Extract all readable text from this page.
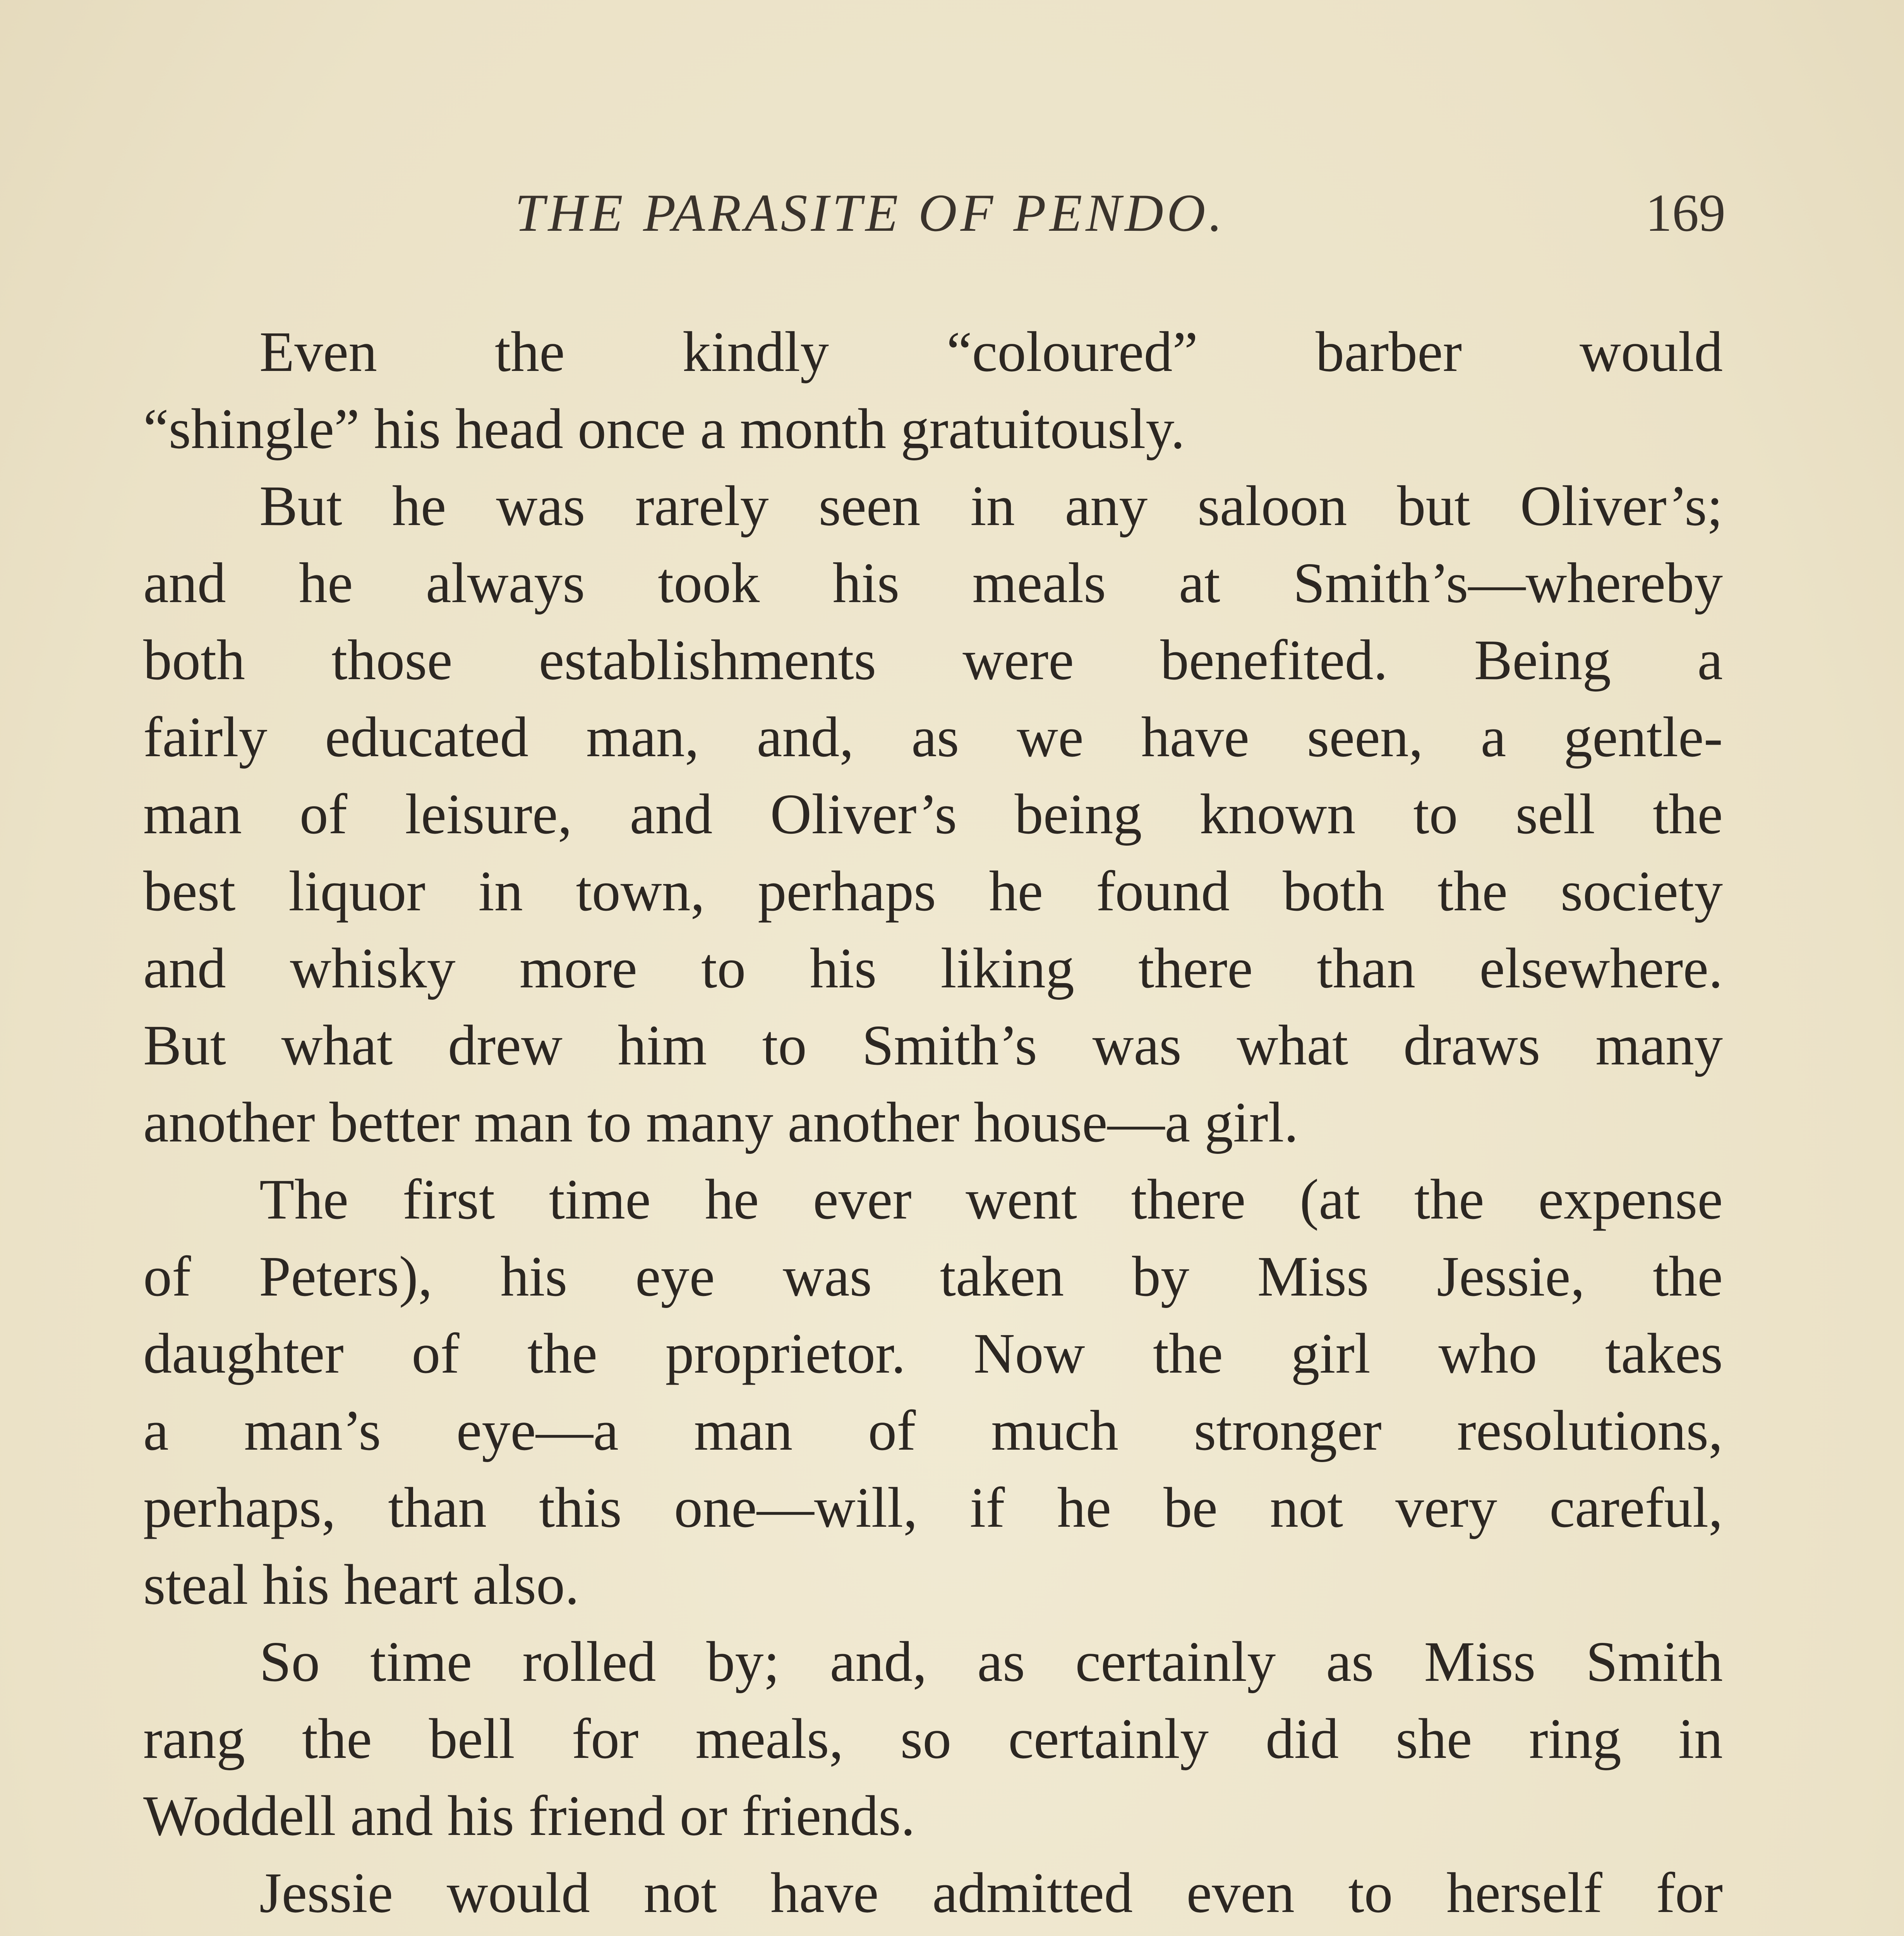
THE PARASITE OF PENDO.	169
Even the kindly “coloured” barber would
“shingle” his head once a month gratuitously.
But he was rarely seen in any saloon but Oliver’s;
and he always took his meals at Smith’s—whereby
both those establishments were benefited. Being a
fairly educated man, and, as we have seen, a gentle-
man of leisure, and Oliver’s being known to sell the
best liquor in town, perhaps he found both the society
and whisky more to his liking there than elsewhere.
But what drew him to Smith’s was what draws many
another better man to many another house—a girl.
The first time he ever went there (at the expense
of Peters), his eye was taken by Miss Jessie, the
daughter of the proprietor. Now the girl who takes
a man’s eye—a man of much stronger resolutions,
perhaps, than this one—will, if he be not very careful,
steal his heart also.
So time rolled by; and, as certainly as Miss Smith
rang the bell for meals, so certainly did she ring in
Woddell and his friend or friends.
Jessie would not have admitted even to herself for
